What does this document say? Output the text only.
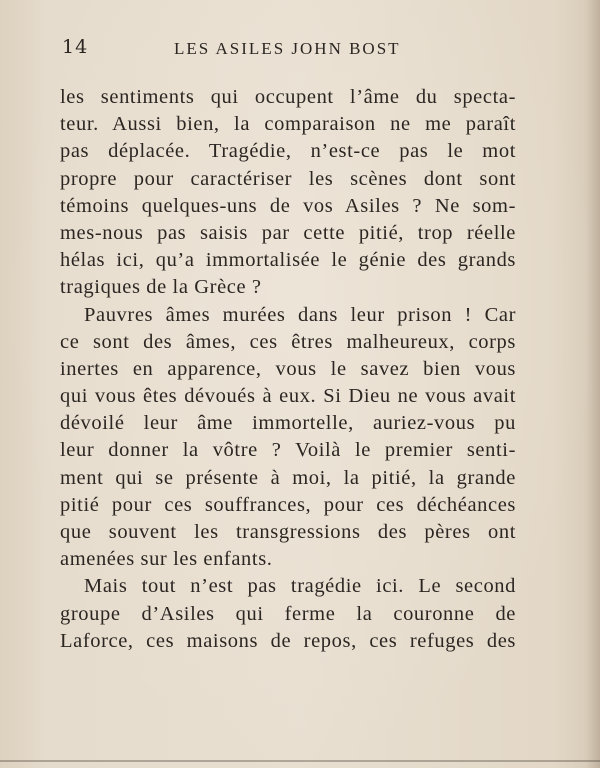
14	LES ASILES JOHN BOST
les sentiments qui occupent l’âme du specta-
teur. Aussi bien, la comparaison ne me paraît
pas déplacée. Tragédie, n’est-ce pas le mot
propre pour caractériser les scènes dont sont
témoins quelques-uns de vos Asiles ? Ne som-
mes-nous pas saisis par cette pitié, trop réelle
hélas ici, qu’a immortalisée le génie des grands
tragiques de la Grèce ?
Pauvres âmes murées dans leur prison ! Car
ce sont des âmes, ces êtres malheureux, corps
inertes en apparence, vous le savez bien vous
qui vous êtes dévoués à eux. Si Dieu ne vous avait
dévoilé leur âme immortelle, auriez-vous pu
leur donner la vôtre ? Voilà le premier senti-
ment qui se présente à moi, la pitié, la grande
pitié pour ces souffrances, pour ces déchéances
que souvent les transgressions des pères ont
amenées sur les enfants.
Mais tout n’est pas tragédie ici. Le second
groupe d’Asiles qui ferme la couronne de
Laforce, ces maisons de repos, ces refuges des
